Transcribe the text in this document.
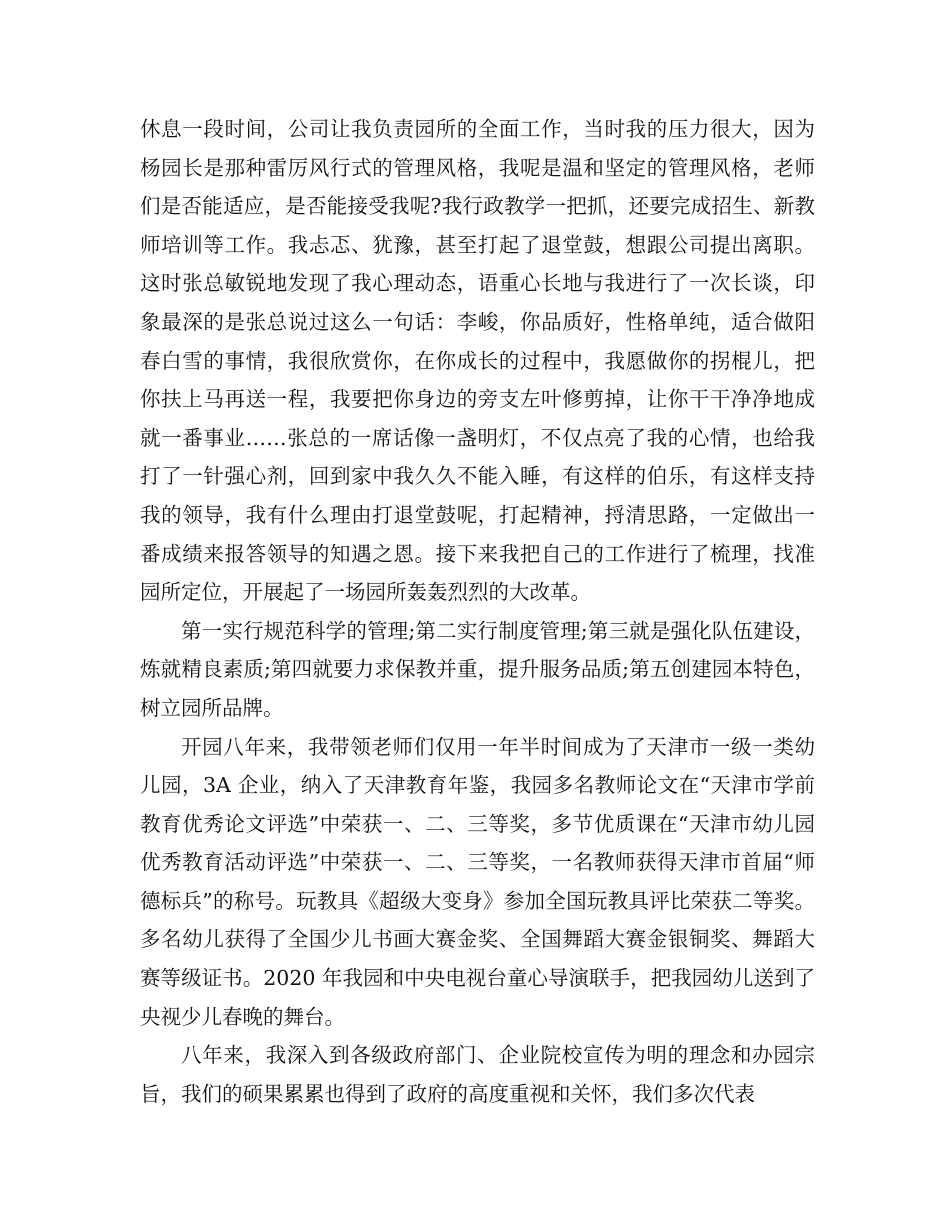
休息一段时间，公司让我负责园所的全面工作，当时我的压力很大，因为杨园长是那种雷厉风行式的管理风格，我呢是温和坚定的管理风格，老师们是否能适应，是否能接受我呢?我行政教学一把抓，还要完成招生、新教师培训等工作。我忐忑、犹豫，甚至打起了退堂鼓，想跟公司提出离职。这时张总敏锐地发现了我心理动态，语重心长地与我进行了一次长谈，印象最深的是张总说过这么一句话：李峻，你品质好，性格单纯，适合做阳春白雪的事情，我很欣赏你，在你成长的过程中，我愿做你的拐棍儿，把你扶上马再送一程，我要把你身边的旁支左叶修剪掉，让你干干净净地成就一番事业……张总的一席话像一盏明灯，不仅点亮了我的心情，也给我打了一针强心剂，回到家中我久久不能入睡，有这样的伯乐，有这样支持我的领导，我有什么理由打退堂鼓呢，打起精神，捋清思路，一定做出一番成绩来报答领导的知遇之恩。接下来我把自己的工作进行了梳理，找准园所定位，开展起了一场园所轰轰烈烈的大改革。

第一实行规范科学的管理;第二实行制度管理;第三就是强化队伍建设，炼就精良素质;第四就要力求保教并重，提升服务品质;第五创建园本特色，树立园所品牌。

开园八年来，我带领老师们仅用一年半时间成为了天津市一级一类幼儿园，3A 企业，纳入了天津教育年鉴，我园多名教师论文在“天津市学前教育优秀论文评选”中荣获一、二、三等奖，多节优质课在“天津市幼儿园优秀教育活动评选”中荣获一、二、三等奖，一名教师获得天津市首届“师德标兵”的称号。玩教具《超级大变身》参加全国玩教具评比荣获二等奖。多名幼儿获得了全国少儿书画大赛金奖、全国舞蹈大赛金银铜奖、舞蹈大赛等级证书。2020 年我园和中央电视台童心导演联手，把我园幼儿送到了央视少儿春晚的舞台。

八年来，我深入到各级政府部门、企业院校宣传为明的理念和办园宗旨，我们的硕果累累也得到了政府的高度重视和关怀，我们多次代表
